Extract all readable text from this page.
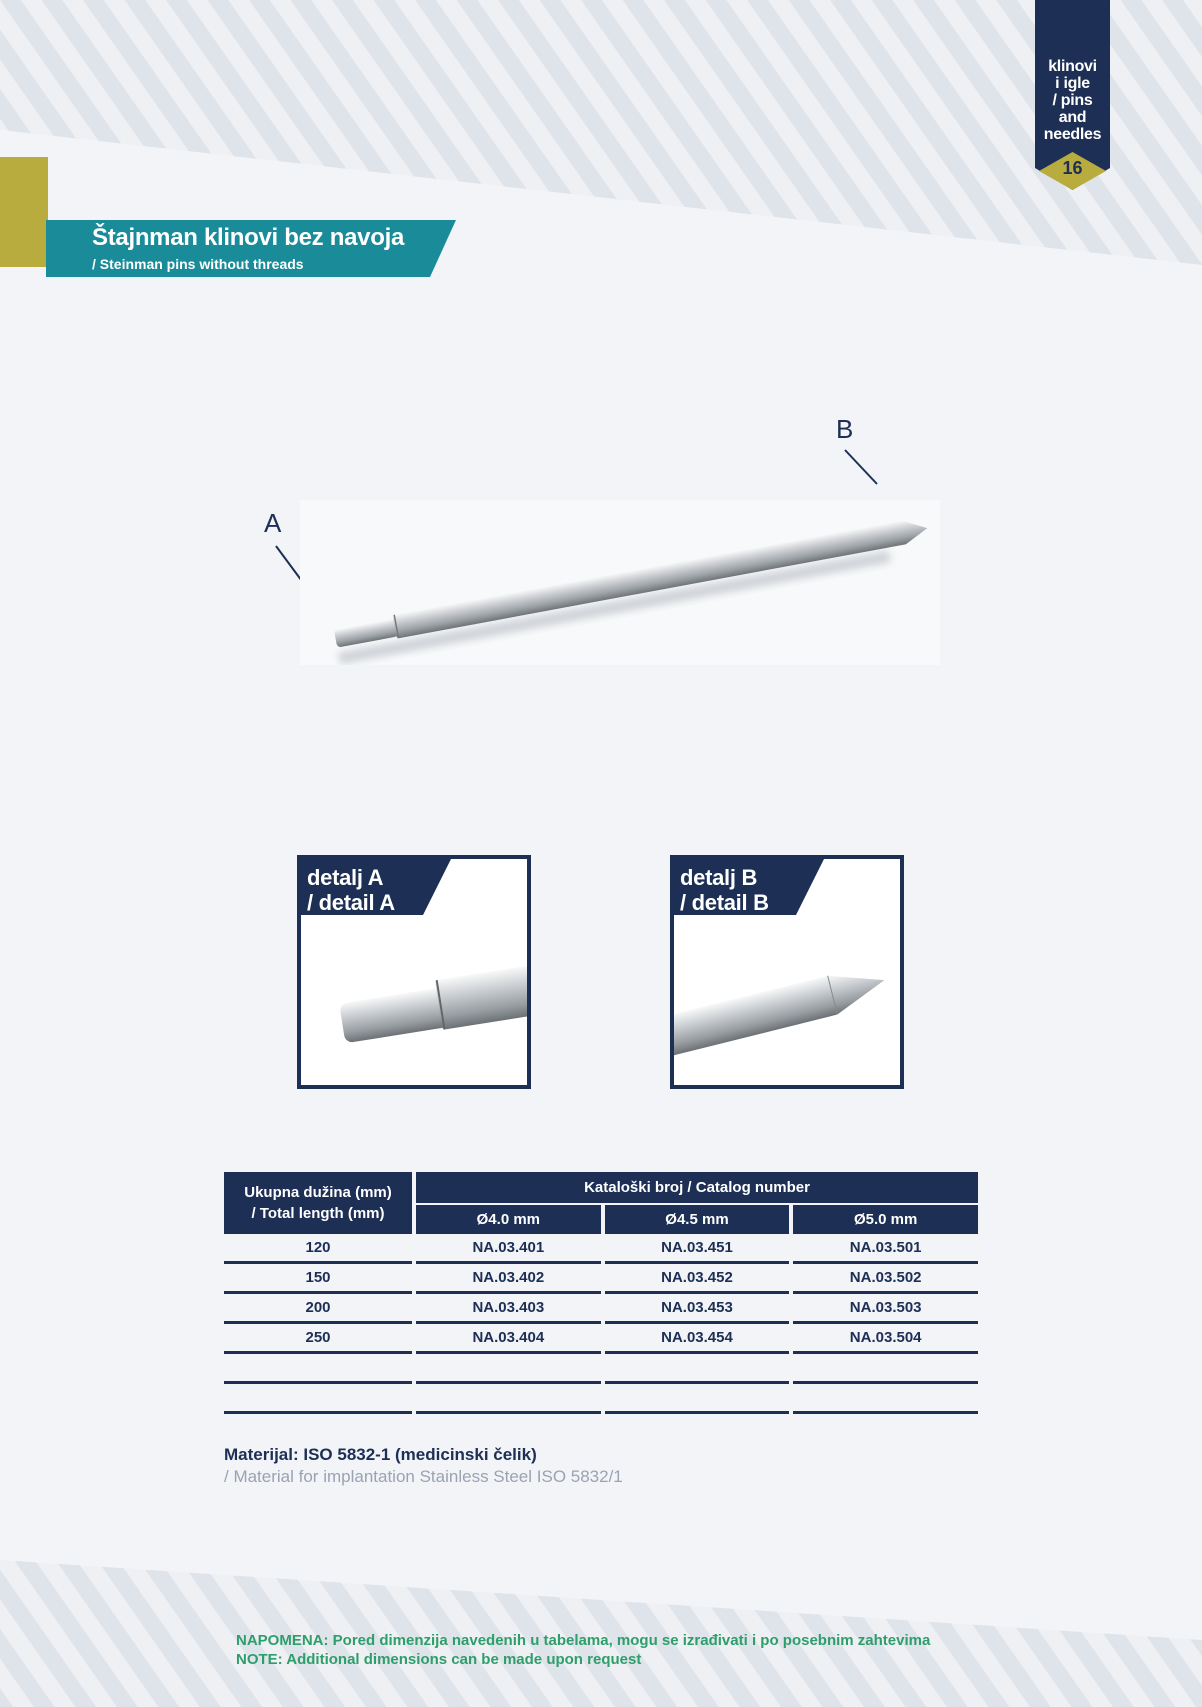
klinovi
i igle
/ pins
and
needles
16
Štajnman klinovi bez navoja
/ Steinman pins without threads
A
B
detalj A
/ detail A
detalj B
/ detail B
Ukupna dužina (mm)
/ Total length (mm)	Kataloški broj / Catalog number		
	Ø4.0 mm	Ø4.5 mm	Ø5.0 mm
120	NA.03.401	NA.03.451	NA.03.501
150	NA.03.402	NA.03.452	NA.03.502
200	NA.03.403	NA.03.453	NA.03.503
250	NA.03.404	NA.03.454	NA.03.504

Materijal: ISO 5832-1 (medicinski čelik)
/ Material for implantation Stainless Steel ISO 5832/1
NAPOMENA: Pored dimenzija navedenih u tabelama, mogu se izrađivati i po posebnim zahtevima
NOTE: Additional dimensions can be made upon request
